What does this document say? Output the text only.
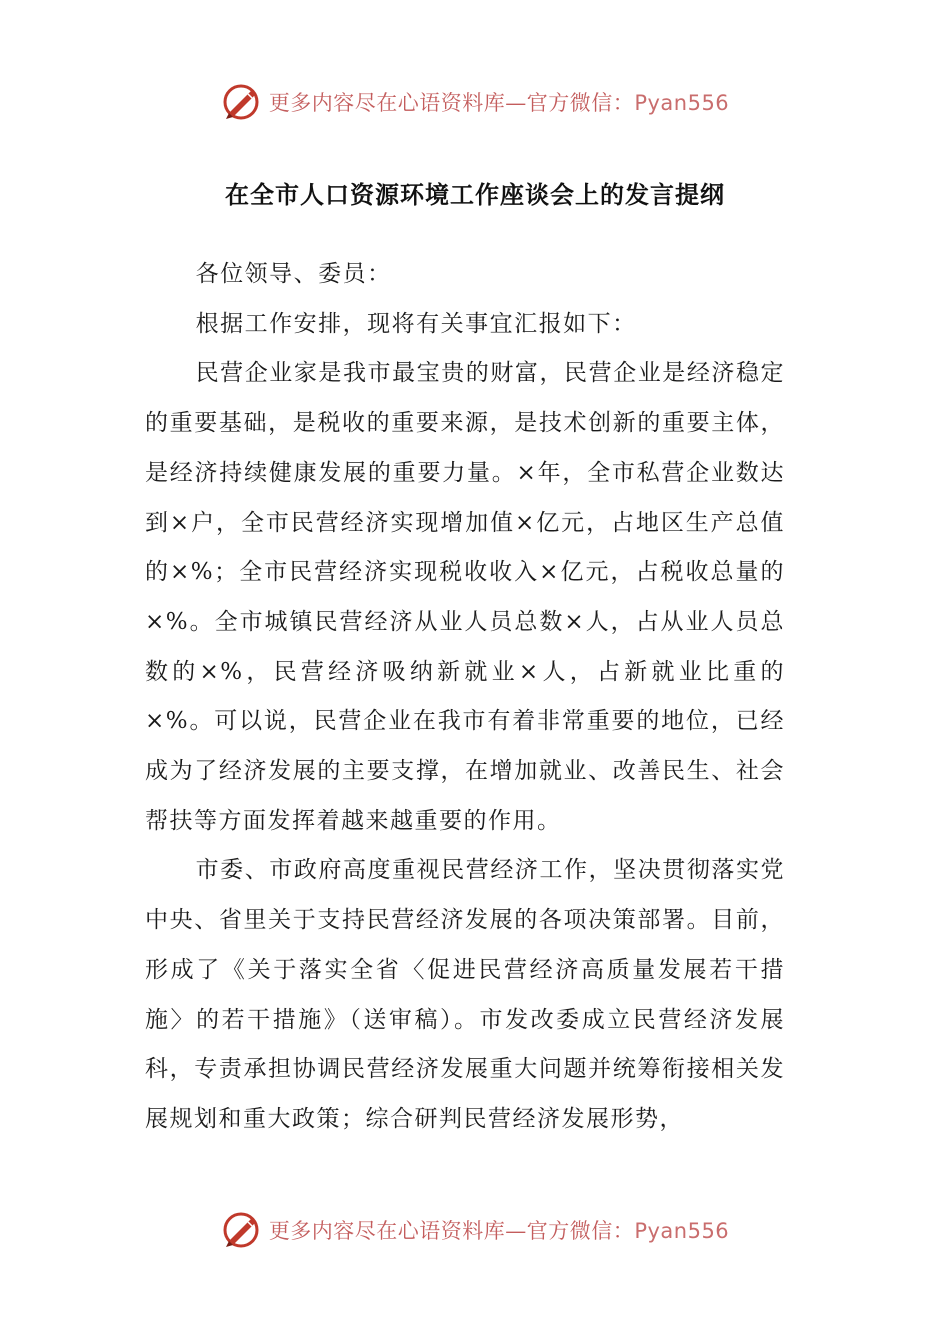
更多内容尽在心语资料库—官方微信：Pyan556
在全市人口资源环境工作座谈会上的发言提纲

各位领导、委员：

根据工作安排，现将有关事宜汇报如下：

民营企业家是我市最宝贵的财富，民营企业是经济稳定的重要基础，是税收的重要来源，是技术创新的重要主体，是经济持续健康发展的重要力量。×年，全市私营企业数达到×户，全市民营经济实现增加值×亿元，占地区生产总值的×%；全市民营经济实现税收收入×亿元，占税收总量的×%。全市城镇民营经济从业人员总数×人，占从业人员总数的×%，民营经济吸纳新就业×人，占新就业比重的×%。可以说，民营企业在我市有着非常重要的地位，已经成为了经济发展的主要支撑，在增加就业、改善民生、社会帮扶等方面发挥着越来越重要的作用。

市委、市政府高度重视民营经济工作，坚决贯彻落实党中央、省里关于支持民营经济发展的各项决策部署。目前，形成了《关于落实全省〈促进民营经济高质量发展若干措施〉的若干措施》（送审稿）。市发改委成立民营经济发展科，专责承担协调民营经济发展重大问题并统筹衔接相关发展规划和重大政策；综合研判民营经济发展形势，

更多内容尽在心语资料库—官方微信：Pyan556
